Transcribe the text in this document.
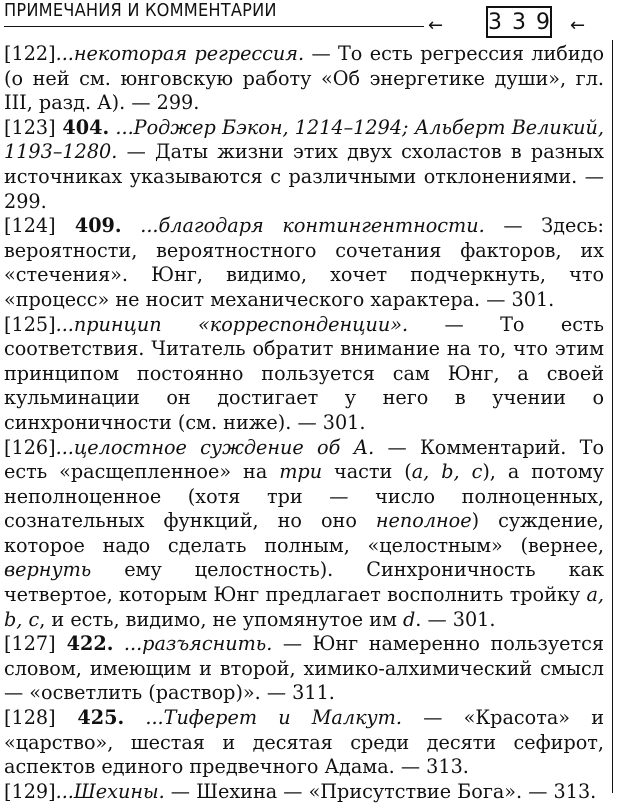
ПРИМЕЧАНИЯ И КОММЕНТАРИИ
← 339 ←

[122]...некоторая регрессия. — То есть регрессия либидо (о ней см. юнговскую работу «Об энергетике души», гл. III, разд. А). — 299.

[123] 404. ...Роджер Бэкон, 1214–1294; Альберт Великий, 1193–1280. — Даты жизни этих двух схоластов в разных источниках указываются с различными отклонениями. — 299.

[124] 409. ...благодаря контингентности. — Здесь: вероятности, вероятностного сочетания факторов, их «стечения». Юнг, видимо, хочет подчеркнуть, что «процесс» не носит механического характера. — 301.

[125]...принцип «корреспонденции». — То есть соответствия. Читатель обратит внимание на то, что этим принципом постоянно пользуется сам Юнг, а своей кульминации он достигает у него в учении о синхроничности (см. ниже). — 301.

[126]...целостное суждение об А. — Комментарий. То есть «расщепленное» на три части (a, b, c), а потому неполноценное (хотя три — число полноценных, сознательных функций, но оно неполное) суждение, которое надо сделать полным, «целостным» (вернее, вернуть ему целостность). Синхроничность как четвертое, которым Юнг предлагает восполнить тройку a, b, c, и есть, видимо, не упомянутое им d. — 301.

[127] 422. ...разъяснить. — Юнг намеренно пользуется словом, имеющим и второй, химико-алхимический смысл — «осветлить (раствор)». — 311.

[128] 425. ...Тиферет и Малкут. — «Красота» и «царство», шестая и десятая среди десяти сефирот, аспектов единого предвечного Адама. — 313.

[129]...Шехины. — Шехина — «Присутствие Бога». — 313.
